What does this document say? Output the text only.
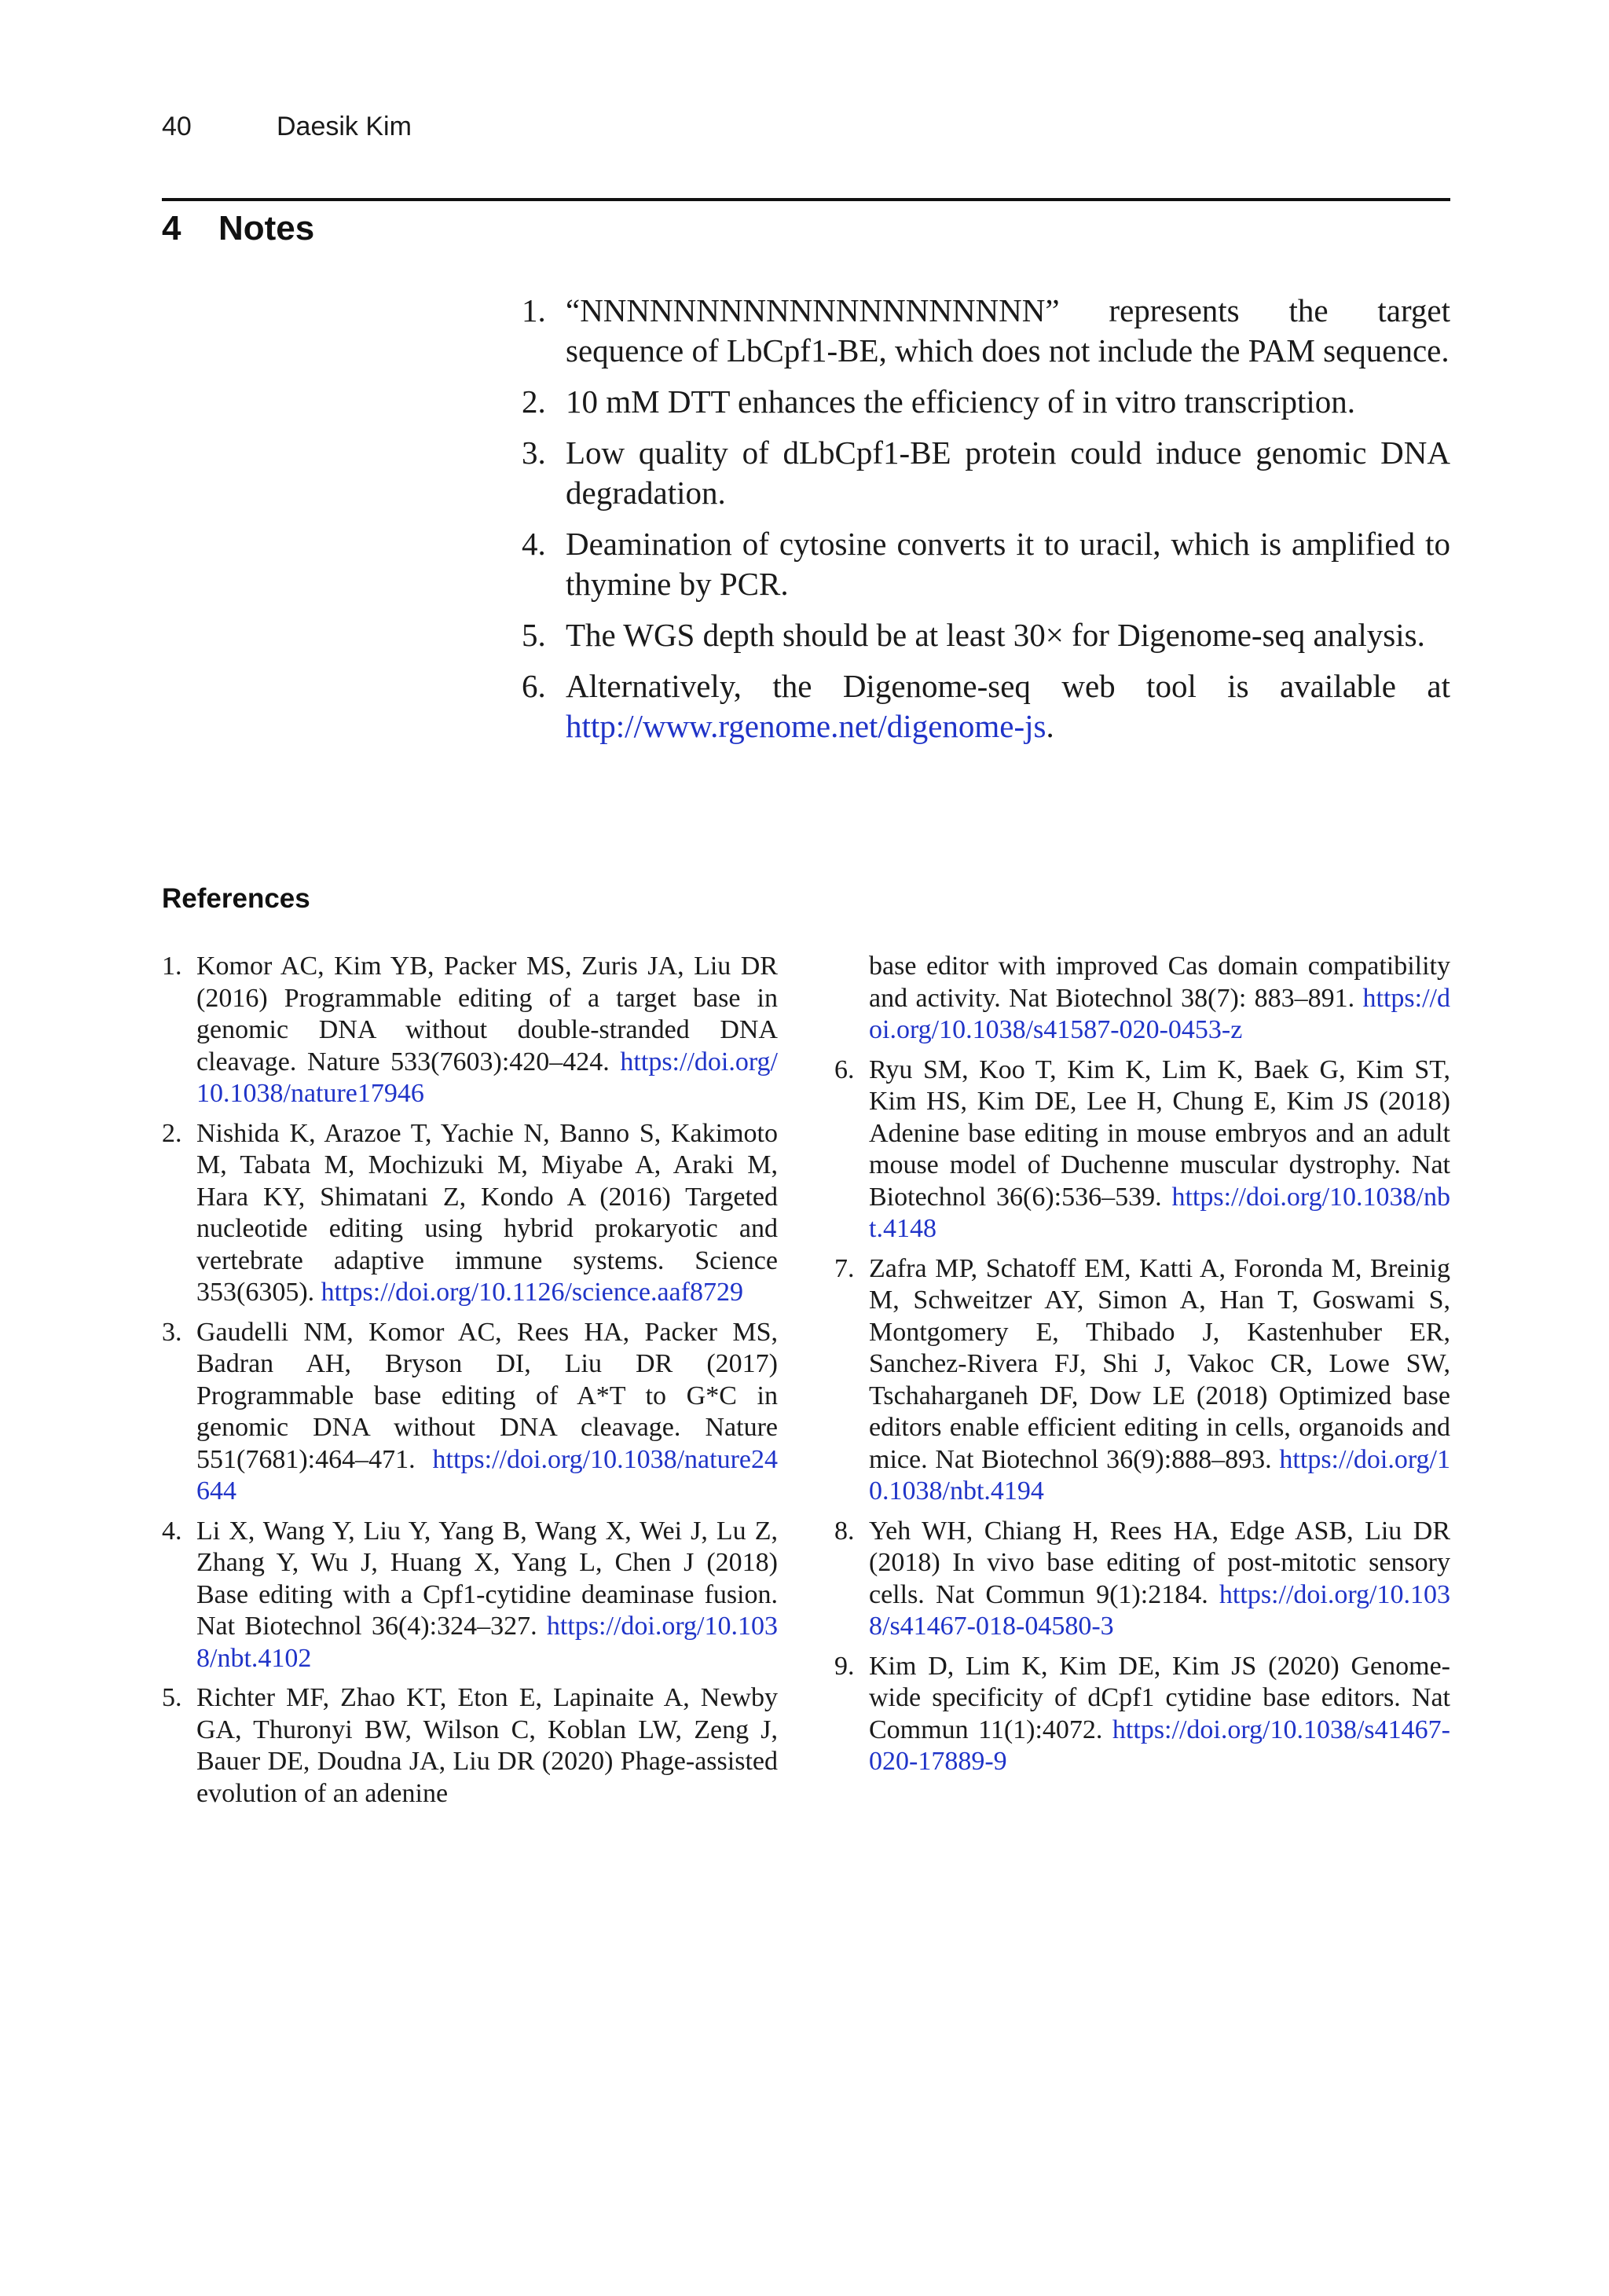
40	Daesik Kim
4 Notes
1. “NNNNNNNNNNNNNNNNNNNN” represents the target sequence of LbCpf1-BE, which does not include the PAM sequence.
2. 10 mM DTT enhances the efficiency of in vitro transcription.
3. Low quality of dLbCpf1-BE protein could induce genomic DNA degradation.
4. Deamination of cytosine converts it to uracil, which is amplified to thymine by PCR.
5. The WGS depth should be at least 30× for Digenome-seq analysis.
6. Alternatively, the Digenome-seq web tool is available at http://www.rgenome.net/digenome-js.
References
1. Komor AC, Kim YB, Packer MS, Zuris JA, Liu DR (2016) Programmable editing of a target base in genomic DNA without double-stranded DNA cleavage. Nature 533(7603):420–424. https://doi.org/10.1038/nature17946
2. Nishida K, Arazoe T, Yachie N, Banno S, Kakimoto M, Tabata M, Mochizuki M, Miyabe A, Araki M, Hara KY, Shimatani Z, Kondo A (2016) Targeted nucleotide editing using hybrid prokaryotic and vertebrate adaptive immune systems. Science 353(6305). https://doi.org/10.1126/science.aaf8729
3. Gaudelli NM, Komor AC, Rees HA, Packer MS, Badran AH, Bryson DI, Liu DR (2017) Programmable base editing of A*T to G*C in genomic DNA without DNA cleavage. Nature 551(7681):464–471. https://doi.org/10.1038/nature24644
4. Li X, Wang Y, Liu Y, Yang B, Wang X, Wei J, Lu Z, Zhang Y, Wu J, Huang X, Yang L, Chen J (2018) Base editing with a Cpf1-cytidine deaminase fusion. Nat Biotechnol 36(4):324–327. https://doi.org/10.1038/nbt.4102
5. Richter MF, Zhao KT, Eton E, Lapinaite A, Newby GA, Thuronyi BW, Wilson C, Koblan LW, Zeng J, Bauer DE, Doudna JA, Liu DR (2020) Phage-assisted evolution of an adenine
base editor with improved Cas domain compatibility and activity. Nat Biotechnol 38(7): 883–891. https://doi.org/10.1038/s41587-020-0453-z
6. Ryu SM, Koo T, Kim K, Lim K, Baek G, Kim ST, Kim HS, Kim DE, Lee H, Chung E, Kim JS (2018) Adenine base editing in mouse embryos and an adult mouse model of Duchenne muscular dystrophy. Nat Biotechnol 36(6):536–539. https://doi.org/10.1038/nbt.4148
7. Zafra MP, Schatoff EM, Katti A, Foronda M, Breinig M, Schweitzer AY, Simon A, Han T, Goswami S, Montgomery E, Thibado J, Kastenhuber ER, Sanchez-Rivera FJ, Shi J, Vakoc CR, Lowe SW, Tschaharganeh DF, Dow LE (2018) Optimized base editors enable efficient editing in cells, organoids and mice. Nat Biotechnol 36(9):888–893. https://doi.org/10.1038/nbt.4194
8. Yeh WH, Chiang H, Rees HA, Edge ASB, Liu DR (2018) In vivo base editing of post-mitotic sensory cells. Nat Commun 9(1):2184. https://doi.org/10.1038/s41467-018-04580-3
9. Kim D, Lim K, Kim DE, Kim JS (2020) Genome-wide specificity of dCpf1 cytidine base editors. Nat Commun 11(1):4072. https://doi.org/10.1038/s41467-020-17889-9
